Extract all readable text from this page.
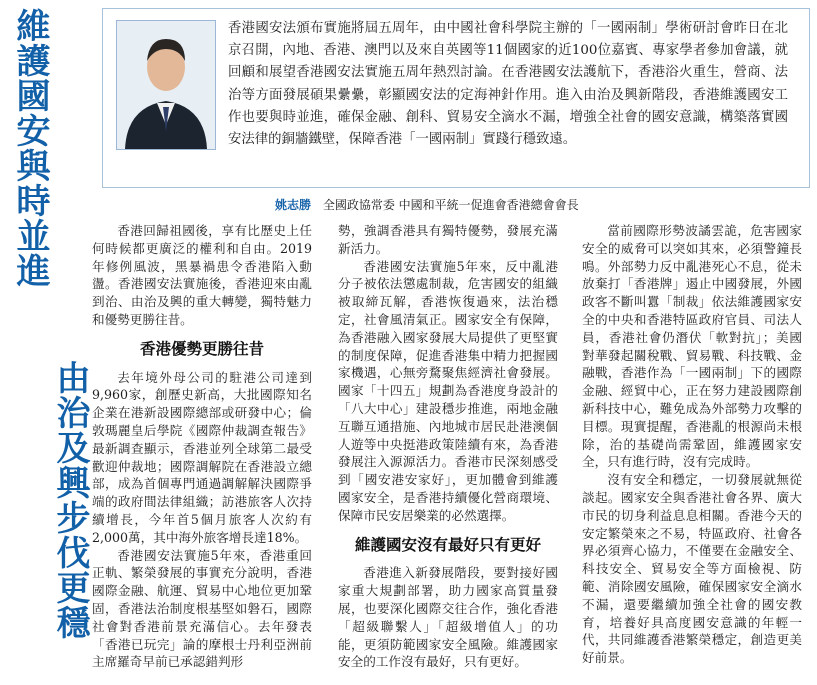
維護國安與時並進
由治及興步伐更穩

香港國安法頒布實施將屆五周年，由中國社會科學院主辦的「一國兩制」學術研討會昨日在北京召開，內地、香港、澳門以及來自英國等11個國家的近100位嘉賓、專家學者參加會議，就回顧和展望香港國安法實施五周年熱烈討論。在香港國安法護航下，香港浴火重生，營商、法治等方面發展碩果纍纍，彰顯國安法的定海神針作用。進入由治及興新階段，香港維護國安工作也要與時並進，確保金融、創科、貿易安全滴水不漏，增強全社會的國安意識，構築落實國安法律的銅牆鐵壁，保障香港「一國兩制」實踐行穩致遠。

姚志勝 全國政協常委 中國和平統一促進會香港總會會長

香港回歸祖國後，享有比歷史上任何時候都更廣泛的權利和自由。2019年修例風波，黑暴禍患令香港陷入動盪。香港國安法實施後，香港迎來由亂到治、由治及興的重大轉變，獨特魅力和優勢更勝往昔。

香港優勢更勝往昔

去年境外母公司的駐港公司達到9,960家，創歷史新高，大批國際知名企業在港新設國際總部或研發中心；倫敦瑪麗皇后學院《國際仲裁調查報告》最新調查顯示，香港並列全球第二最受歡迎仲裁地；國際調解院在香港設立總部，成為首個專門通過調解解決國際爭端的政府間法律組織；訪港旅客人次持續增長，今年首5個月旅客人次約有2,000萬，其中海外旅客增長達18%。

香港國安法實施5年來，香港重回正軌、繁榮發展的事實充分說明，香港國際金融、航運、貿易中心地位更加鞏固，香港法治制度根基堅如磐石，國際社會對香港前景充滿信心。去年發表「香港已玩完」論的摩根士丹利亞洲前主席羅奇早前已承認錯判形

勢，強調香港具有獨特優勢，發展充滿新活力。

香港國安法實施5年來，反中亂港分子被依法懲處制裁，危害國安的組織被取締瓦解，香港恢復過來，法治穩定，社會風清氣正。國家安全有保障，為香港融入國家發展大局提供了更堅實的制度保障，促進香港集中精力把握國家機遇，心無旁騖聚焦經濟社會發展。國家「十四五」規劃為香港度身設計的「八大中心」建設穩步推進，兩地金融互聯互通措施、內地城市居民赴港澳個人遊等中央挺港政策陸續有來，為香港發展注入源源活力。香港市民深刻感受到「國安港安家好」，更加體會到維護國家安全，是香港持續優化營商環境、保障市民安居樂業的必然選擇。

維護國安沒有最好只有更好

香港進入新發展階段，要對接好國家重大規劃部署，助力國家高質量發展，也要深化國際交往合作，強化香港「超級聯繫人」「超級增值人」的功能，更須防範國家安全風險。維護國家安全的工作沒有最好，只有更好。

當前國際形勢波譎雲詭，危害國家安全的威脅可以突如其來，必須警鐘長鳴。外部勢力反中亂港死心不息，從未放棄打「香港牌」遏止中國發展，外國政客不斷叫囂「制裁」依法維護國家安全的中央和香港特區政府官員、司法人員，香港社會仍潛伏「軟對抗」；美國對華發起關稅戰、貿易戰、科技戰、金融戰，香港作為「一國兩制」下的國際金融、經貿中心，正在努力建設國際創新科技中心，難免成為外部勢力攻擊的目標。現實提醒，香港亂的根源尚未根除，治的基礎尚需鞏固，維護國家安全，只有進行時，沒有完成時。

沒有安全和穩定，一切發展就無從談起。國家安全與香港社會各界、廣大市民的切身利益息息相關。香港今天的安定繁榮來之不易，特區政府、社會各界必須齊心協力，不僅要在金融安全、科技安全、貿易安全等方面檢視、防範、消除國安風險，確保國家安全滴水不漏，還要繼續加強全社會的國安教育，培養好具高度國安意識的年輕一代，共同維護香港繁榮穩定，創造更美好前景。
